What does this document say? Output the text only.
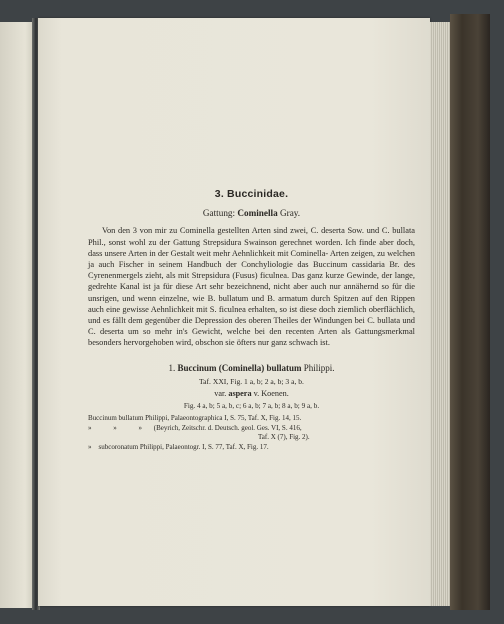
3. Buccinidae.
Gattung: Cominella Gray.

Von den 3 von mir zu Cominella gestellten Arten sind zwei, C. deserta Sow. und C. bullata Phil., sonst wohl zu der Gattung Strepsidura Swainson gerechnet worden. Ich finde aber doch, dass unsere Arten in der Gestalt weit mehr Aehnlichkeit mit Cominella- Arten zeigen, zu welchen ja auch Fischer in seinem Handbuch der Conchyliologie das Buccinum cassidaria Br. des Cyrenenmergels zieht, als mit Strepsidura (Fusus) ficulnea. Das ganz kurze Gewinde, der lange, gedrehte Kanal ist ja für diese Art sehr bezeichnend, nicht aber auch nur annähernd so für die unsrigen, und wenn einzelne, wie B. bullatum und B. armatum durch Spitzen auf den Rippen auch eine gewisse Aehnlichkeit mit S. ficulnea erhalten, so ist diese doch ziemlich oberflächlich, und es fällt dem gegenüber die Depression des oberen Theiles der Windungen bei C. bullata und C. deserta um so mehr in's Gewicht, welche bei den recenten Arten als Gattungsmerkmal besonders hervorgehoben wird, obschon sie öfters nur ganz schwach ist.

1. Buccinum (Cominella) bullatum Philippi.
Taf. XXI, Fig. 1 a, b; 2 a, b; 3 a, b.
var. aspera v. Koenen.
Fig. 4 a, b; 5 a, b, c; 6 a, b; 7 a, b; 8 a, b; 9 a, b.
Buccinum bullatum Philippi, Palaeontographica I, S. 75, Taf. X, Fig. 14, 15.
» » » (Beyrich, Zeitschr. d. Deutsch. geol. Ges. VI, S. 416,
Taf. X (7), Fig. 2).
» subcoronatum Philippi, Palaeontogr. I, S. 77, Taf. X, Fig. 17.
